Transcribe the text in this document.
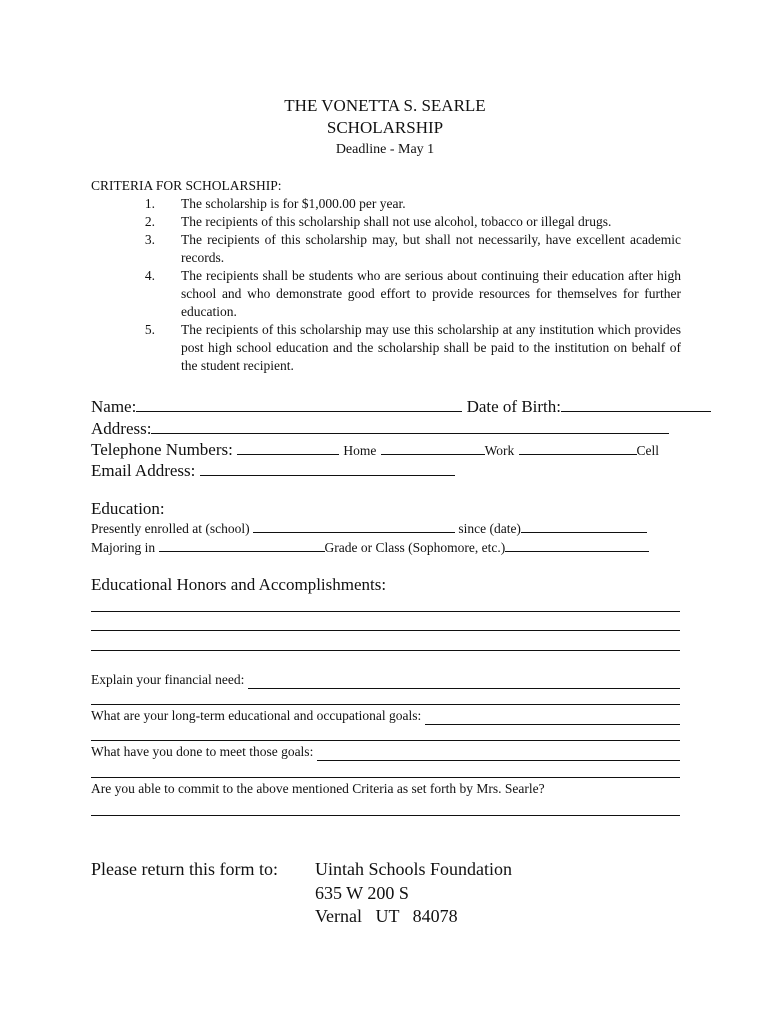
THE VONETTA S. SEARLE
SCHOLARSHIP
Deadline - May 1
CRITERIA FOR SCHOLARSHIP:
1. The scholarship is for $1,000.00 per year.
2. The recipients of this scholarship shall not use alcohol, tobacco or illegal drugs.
3. The recipients of this scholarship may, but shall not necessarily, have excellent academic records.
4. The recipients shall be students who are serious about continuing their education after high school and who demonstrate good effort to provide resources for themselves for further education.
5. The recipients of this scholarship may use this scholarship at any institution which provides post high school education and the scholarship shall be paid to the institution on behalf of the student recipient.
Name:	Date of Birth:
Address:
Telephone Numbers:	Home	Work	Cell
Email Address:
Education:
Presently enrolled at (school)	since (date)
Majoring in	Grade or Class (Sophomore, etc.)
Educational Honors and Accomplishments:
Explain your financial need:
What are your long-term educational and occupational goals:
What have you done to meet those goals:
Are you able to commit to the above mentioned Criteria as set forth by Mrs. Searle?
Please return this form to: Uintah Schools Foundation
635 W 200 S
Vernal   UT   84078
